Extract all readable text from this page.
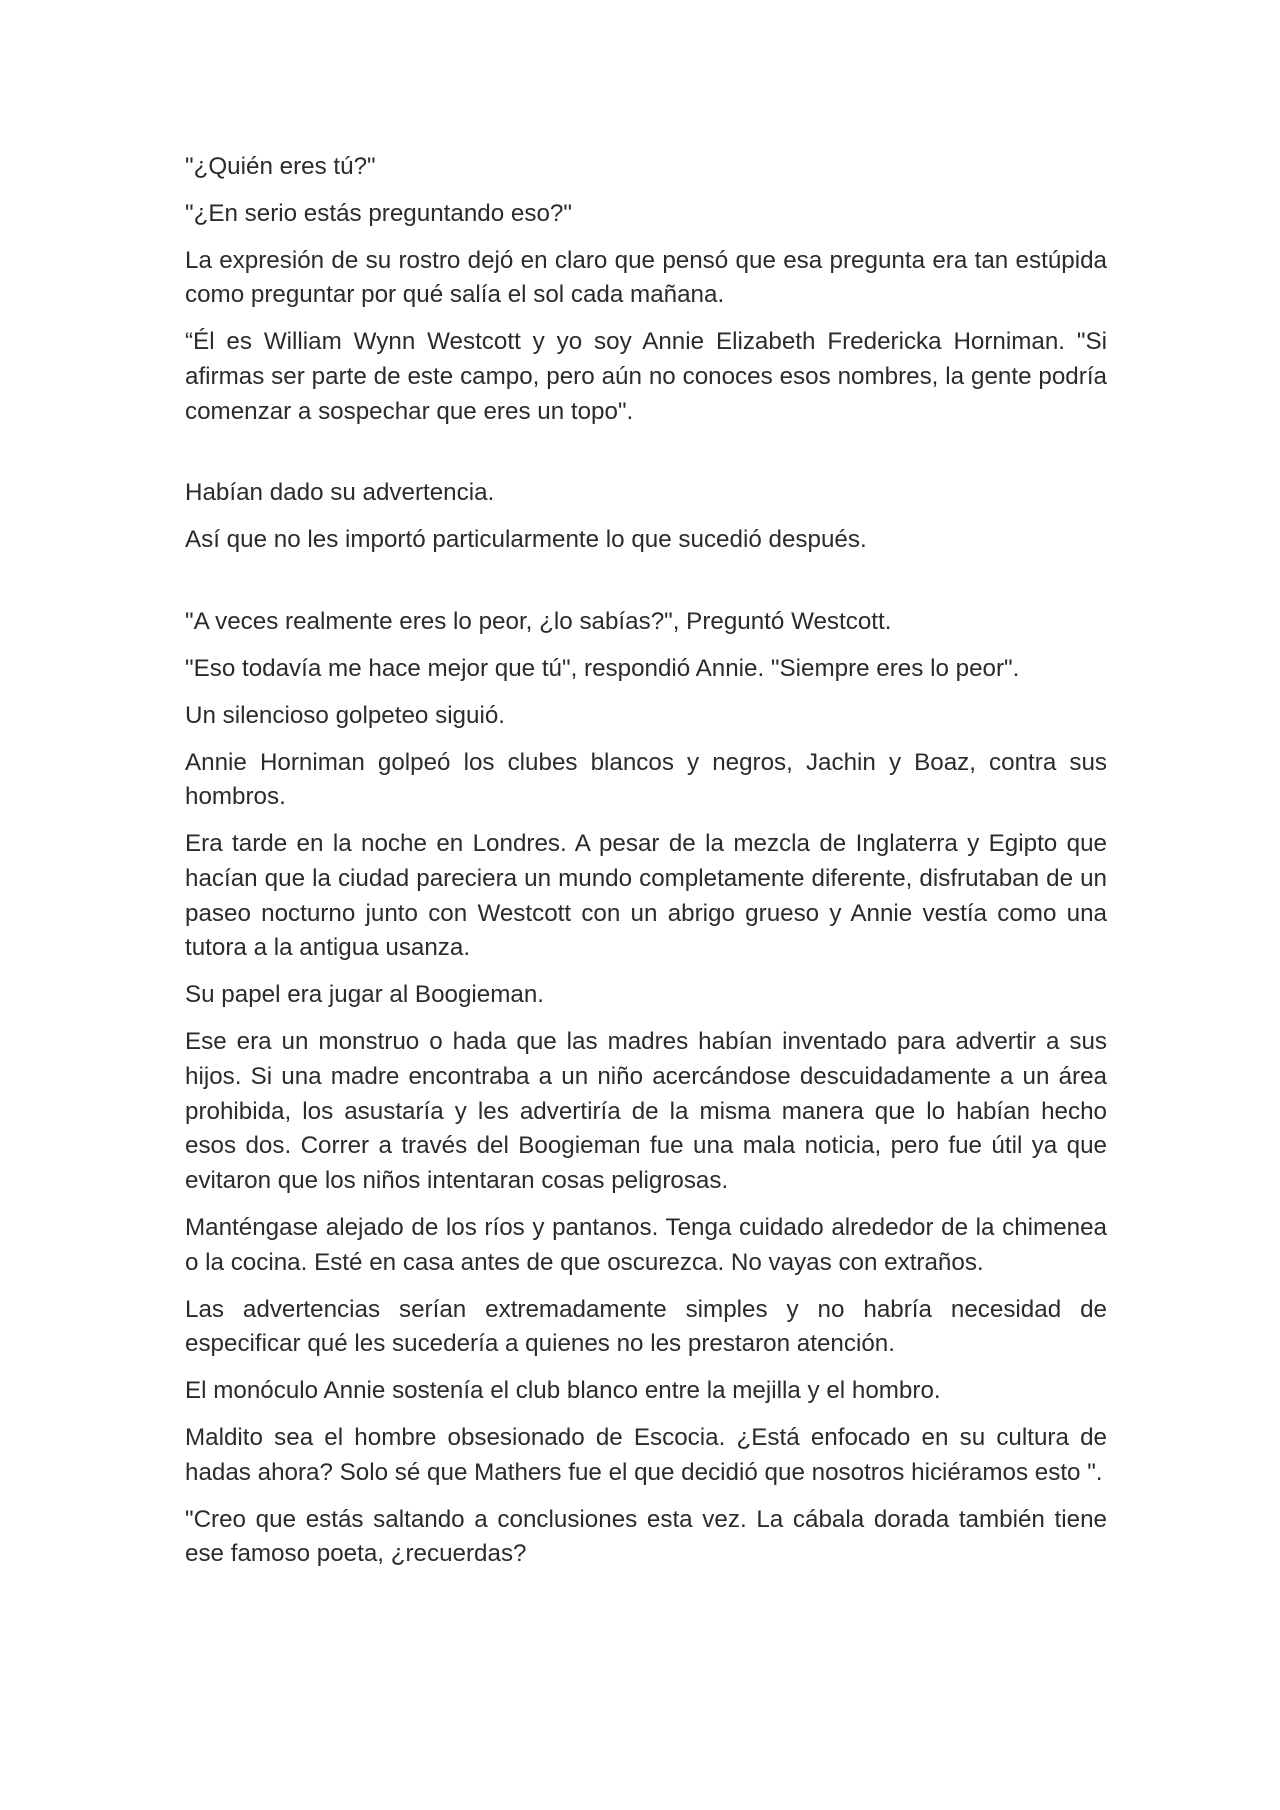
"¿Quién eres tú?"

"¿En serio estás preguntando eso?"

La expresión de su rostro dejó en claro que pensó que esa pregunta era tan estúpida como preguntar por qué salía el sol cada mañana.

“Él es William Wynn Westcott y yo soy Annie Elizabeth Fredericka Horniman. "Si afirmas ser parte de este campo, pero aún no conoces esos nombres, la gente podría comenzar a sospechar que eres un topo".

Habían dado su advertencia.

Así que no les importó particularmente lo que sucedió después.

"A veces realmente eres lo peor, ¿lo sabías?", Preguntó Westcott.

"Eso todavía me hace mejor que tú", respondió Annie. "Siempre eres lo peor".

Un silencioso golpeteo siguió.

Annie Horniman golpeó los clubes blancos y negros, Jachin y Boaz, contra sus hombros.

Era tarde en la noche en Londres. A pesar de la mezcla de Inglaterra y Egipto que hacían que la ciudad pareciera un mundo completamente diferente, disfrutaban de un paseo nocturno junto con Westcott con un abrigo grueso y Annie vestía como una tutora a la antigua usanza.

Su papel era jugar al Boogieman.

Ese era un monstruo o hada que las madres habían inventado para advertir a sus hijos. Si una madre encontraba a un niño acercándose descuidadamente a un área prohibida, los asustaría y les advertiría de la misma manera que lo habían hecho esos dos. Correr a través del Boogieman fue una mala noticia, pero fue útil ya que evitaron que los niños intentaran cosas peligrosas.

Manténgase alejado de los ríos y pantanos. Tenga cuidado alrededor de la chimenea o la cocina. Esté en casa antes de que oscurezca. No vayas con extraños.

Las advertencias serían extremadamente simples y no habría necesidad de especificar qué les sucedería a quienes no les prestaron atención.

El monóculo Annie sostenía el club blanco entre la mejilla y el hombro.

Maldito sea el hombre obsesionado de Escocia. ¿Está enfocado en su cultura de hadas ahora? Solo sé que Mathers fue el que decidió que nosotros hiciéramos esto ".

"Creo que estás saltando a conclusiones esta vez. La cábala dorada también tiene ese famoso poeta, ¿recuerdas?
